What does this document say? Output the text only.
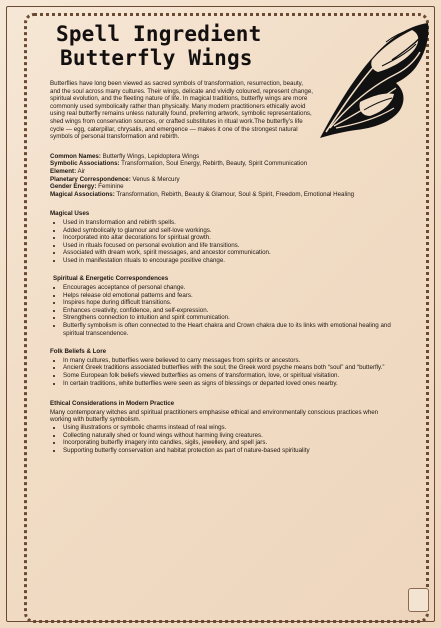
Spell Ingredient
Butterfly Wings

Butterflies have long been viewed as sacred symbols of transformation, resurrection, beauty, and the soul across many cultures. Their wings, delicate and vividly coloured, represent change, spiritual evolution, and the fleeting nature of life. In magical traditions, butterfly wings are more commonly used symbolically rather than physically. Many modern practitioners ethically avoid using real butterfly remains unless naturally found, preferring artwork, symbolic representations, shed wings from conservation sources, or crafted substitutes in ritual work.The butterfly’s life cycle — egg, caterpillar, chrysalis, and emergence — makes it one of the strongest natural symbols of personal transformation and rebirth.

Common Names: Butterfly Wings, Lepidoptera Wings
Symbolic Associations: Transformation, Soul Energy, Rebirth, Beauty, Spirit Communication
Element: Air
Planetary Correspondence: Venus & Mercury
Gender Energy: Feminine
Magical Associations: Transformation, Rebirth, Beauty & Glamour, Soul & Spirit, Freedom, Emotional Healing
Magical Uses
• Used in transformation and rebirth spells.
• Added symbolically to glamour and self-love workings.
• Incorporated into altar decorations for spiritual growth.
• Used in rituals focused on personal evolution and life transitions.
• Associated with dream work, spirit messages, and ancestor communication.
• Used in manifestation rituals to encourage positive change.
Spiritual & Energetic Correspondences
• Encourages acceptance of personal change.
• Helps release old emotional patterns and fears.
• Inspires hope during difficult transitions.
• Enhances creativity, confidence, and self-expression.
• Strengthens connection to intuition and spirit communication.
• Butterfly symbolism is often connected to the Heart chakra and Crown chakra due to its links with emotional healing and spiritual transcendence.
Folk Beliefs & Lore
• In many cultures, butterflies were believed to carry messages from spirits or ancestors.
• Ancient Greek traditions associated butterflies with the soul; the Greek word psyche means both “soul” and “butterfly.”
• Some European folk beliefs viewed butterflies as omens of transformation, love, or spiritual visitation.
• In certain traditions, white butterflies were seen as signs of blessings or departed loved ones nearby.
Ethical Considerations in Modern Practice
Many contemporary witches and spiritual practitioners emphasise ethical and environmentally conscious practices when working with butterfly symbolism.
• Using illustrations or symbolic charms instead of real wings.
• Collecting naturally shed or found wings without harming living creatures.
• Incorporating butterfly imagery into candles, sigils, jewellery, and spell jars.
• Supporting butterfly conservation and habitat protection as part of nature-based spirituality
